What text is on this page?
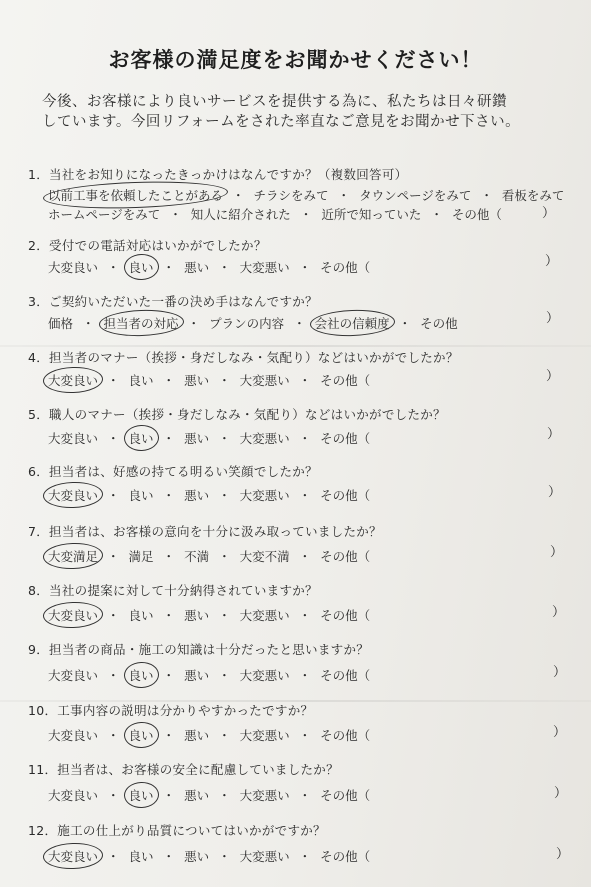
お客様の満足度をお聞かせください！
今後、お客様により良いサービスを提供する為に、私たちは日々研鑽
しています。今回リフォームをされた率直なご意見をお聞かせ下さい。
1．当社をお知りになったきっかけはなんですか？（複数回答可）
以前工事を依頼したことがある ・ チラシをみて ・ タウンページをみて ・ 看板をみて
ホームページをみて ・ 知人に紹介された ・ 近所で知っていた ・ その他（	）
2．受付での電話対応はいかがでしたか？
大変良い ・ 良い ・ 悪い ・ 大変悪い ・ その他（	）
3．ご契約いただいた一番の決め手はなんですか？
価格 ・ 担当者の対応 ・ プランの内容 ・ 会社の信頼度 ・ その他	）
4．担当者のマナー（挨拶・身だしなみ・気配り）などはいかがでしたか？
大変良い ・ 良い ・ 悪い ・ 大変悪い ・ その他（	）
5．職人のマナー（挨拶・身だしなみ・気配り）などはいかがでしたか？
大変良い ・ 良い ・ 悪い ・ 大変悪い ・ その他（	）
6．担当者は、好感の持てる明るい笑顔でしたか？
大変良い ・ 良い ・ 悪い ・ 大変悪い ・ その他（	）
7．担当者は、お客様の意向を十分に汲み取っていましたか？
大変満足 ・ 満足 ・ 不満 ・ 大変不満 ・ その他（	）
8．当社の提案に対して十分納得されていますか？
大変良い ・ 良い ・ 悪い ・ 大変悪い ・ その他（	）
9．担当者の商品・施工の知識は十分だったと思いますか？
大変良い ・ 良い ・ 悪い ・ 大変悪い ・ その他（	）
10．工事内容の説明は分かりやすかったですか？
大変良い ・ 良い ・ 悪い ・ 大変悪い ・ その他（	）
11．担当者は、お客様の安全に配慮していましたか？
大変良い ・ 良い ・ 悪い ・ 大変悪い ・ その他（	）
12．施工の仕上がり品質についてはいかがですか？
大変良い ・ 良い ・ 悪い ・ 大変悪い ・ その他（	）
